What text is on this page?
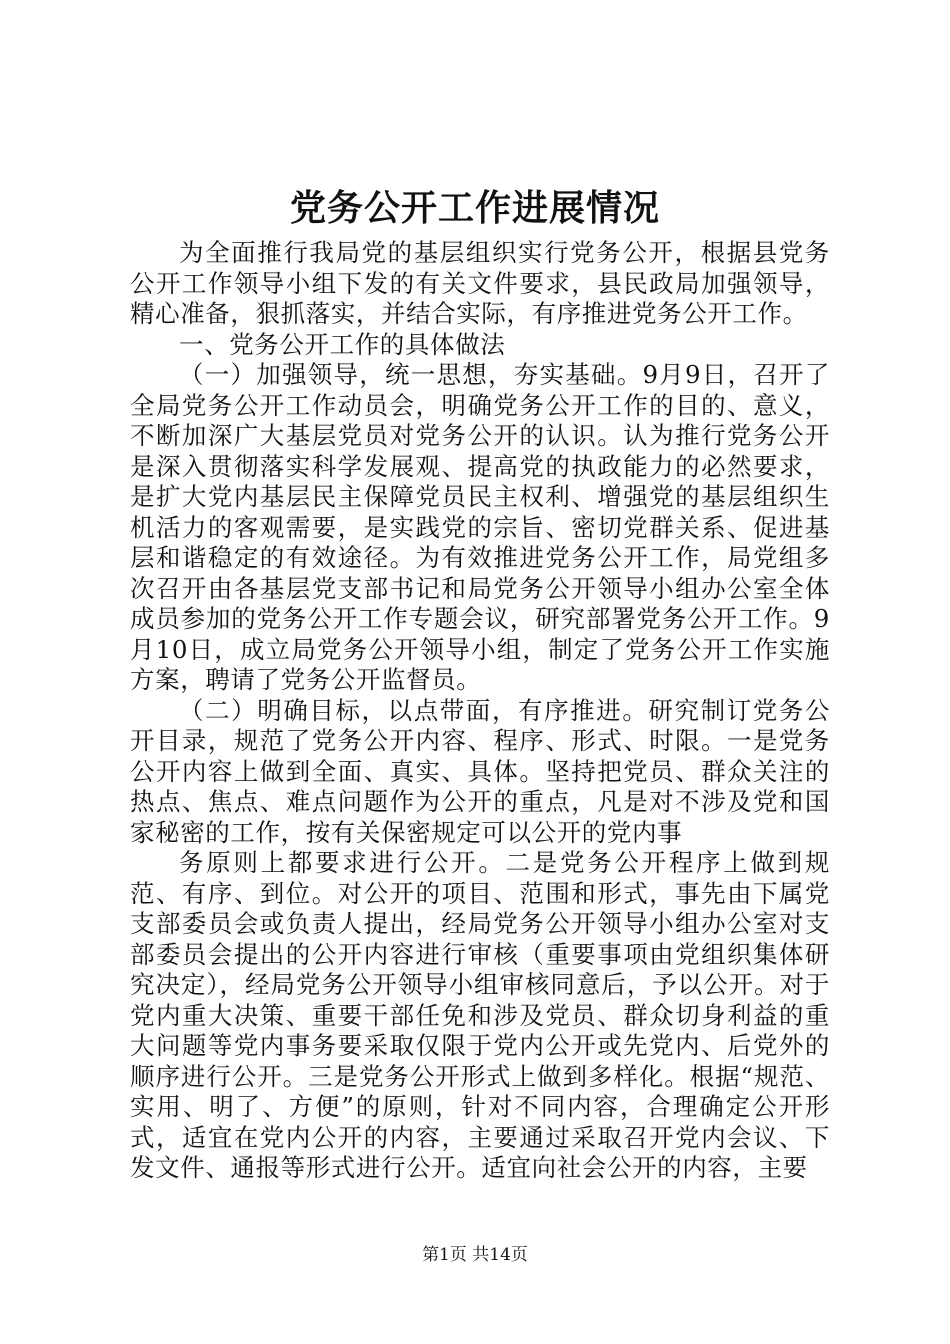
党务公开工作进展情况

为全面推行我局党的基层组织实行党务公开，根据县党务公开工作领导小组下发的有关文件要求，县民政局加强领导，精心准备，狠抓落实，并结合实际，有序推进党务公开工作。

一、党务公开工作的具体做法

（一）加强领导，统一思想，夯实基础。9月9日，召开了全局党务公开工作动员会，明确党务公开工作的目的、意义，不断加深广大基层党员对党务公开的认识。认为推行党务公开是深入贯彻落实科学发展观、提高党的执政能力的必然要求，是扩大党内基层民主保障党员民主权利、增强党的基层组织生机活力的客观需要，是实践党的宗旨、密切党群关系、促进基层和谐稳定的有效途径。为有效推进党务公开工作，局党组多次召开由各基层党支部书记和局党务公开领导小组办公室全体成员参加的党务公开工作专题会议，研究部署党务公开工作。9月10日，成立局党务公开领导小组，制定了党务公开工作实施方案，聘请了党务公开监督员。

（二）明确目标，以点带面，有序推进。研究制订党务公开目录，规范了党务公开内容、程序、形式、时限。一是党务公开内容上做到全面、真实、具体。坚持把党员、群众关注的热点、焦点、难点问题作为公开的重点，凡是对不涉及党和国家秘密的工作，按有关保密规定可以公开的党内事

务原则上都要求进行公开。二是党务公开程序上做到规范、有序、到位。对公开的项目、范围和形式，事先由下属党支部委员会或负责人提出，经局党务公开领导小组办公室对支部委员会提出的公开内容进行审核（重要事项由党组织集体研究决定），经局党务公开领导小组审核同意后，予以公开。对于党内重大决策、重要干部任免和涉及党员、群众切身利益的重大问题等党内事务要采取仅限于党内公开或先党内、后党外的顺序进行公开。三是党务公开形式上做到多样化。根据“规范、实用、明了、方便”的原则，针对不同内容，合理确定公开形式，适宜在党内公开的内容，主要通过采取召开党内会议、下发文件、通报等形式进行公开。适宜向社会公开的内容，主要

第1页 共14页
